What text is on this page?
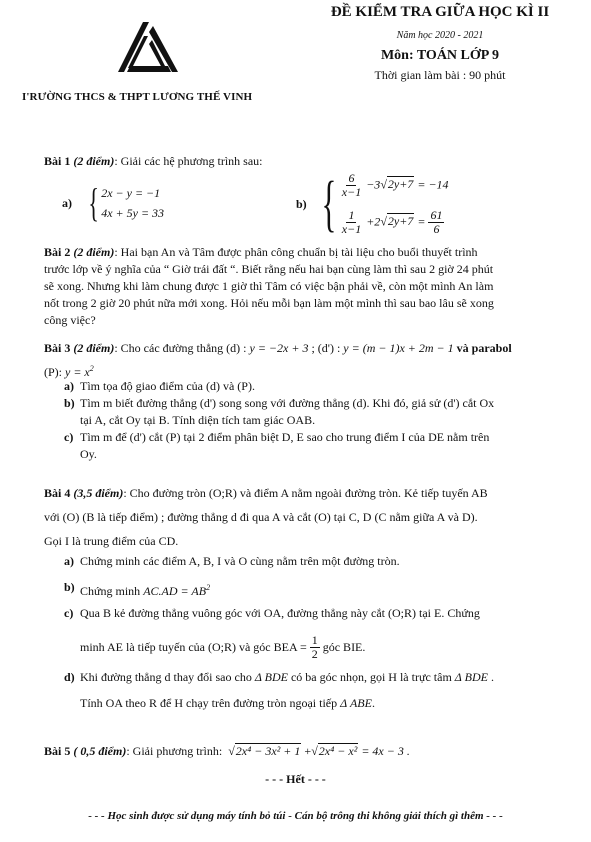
ĐỀ KIỂM TRA GIỮA HỌC KÌ II
Năm học 2020 - 2021
Môn: TOÁN LỚP 9
Thời gian làm bài : 90 phút
I'RƯỜNG THCS & THPT LƯƠNG THẾ VINH
Bài 1 (2 điểm): Giải các hệ phương trình sau:
a) { 2x − y = −1
4x + 5y = 33
b) { $\frac{6}{x-1} -3√2y+7 = -14$
$\frac{1}{x-1} +2√2y+7 = \frac{61}{6}$
Bài 2 (2 điểm): Hai bạn An và Tâm được phân công chuẩn bị tài liệu cho buổi thuyết trình
trước lớp về ý nghĩa của “ Giờ trái đất “. Biết rằng nếu hai bạn cùng làm thì sau 2 giờ 24 phút
sẽ xong. Nhưng khi làm chung được 1 giờ thì Tâm có việc bận phải về, còn một mình An làm
nốt trong 2 giờ 20 phút nữa mới xong. Hỏi nếu mỗi bạn làm một mình thì sau bao lâu sẽ xong
công việc?
Bài 3 (2 điểm): Cho các đường thẳng (d) : y = −2x + 3 ; (d') : y = (m − 1)x + 2m − 1 và parabol
(P): $y = x^2$
a) Tìm tọa độ giao điểm của (d) và (P).
b) Tìm m biết đường thẳng (d') song song với đường thẳng (d). Khi đó, giả sử (d') cắt Ox
tại A, cắt Oy tại B. Tính diện tích tam giác OAB.
c) Tìm m để (d') cắt (P) tại 2 điểm phân biệt D, E sao cho trung điểm I của DE nằm trên
Oy.
Bài 4 (3,5 điểm): Cho đường tròn (O;R) và điểm A nằm ngoài đường tròn. Kẻ tiếp tuyến AB
với (O) (B là tiếp điểm) ; đường thẳng d đi qua A và cắt (O) tại C, D (C nằm giữa A và D).
Gọi I là trung điểm của CD.
a) Chứng minh các điểm A, B, I và O cùng nằm trên một đường tròn.
b) Chứng minh $AC.AD = AB^2$
c) Qua B kẻ đường thẳng vuông góc với OA, đường thẳng này cắt (O;R) tại E. Chứng
minh AE là tiếp tuyến của (O;R) và góc BEA = $\frac{1}{2}$ góc BIE.
d) Khi đường thẳng d thay đổi sao cho Δ BDE có ba góc nhọn, gọi H là trực tâm Δ BDE .
Tính OA theo R để H chạy trên đường tròn ngoại tiếp Δ ABE.
Bài 5 ( 0,5 điểm): Giải phương trình: √2x⁴ − 3x² + 1 +√2x⁴ − x² = 4x − 3 .
- - - Hết - - -
- - - Học sinh được sử dụng máy tính bỏ túi - Cán bộ trông thi không giải thích gì thêm - - -
